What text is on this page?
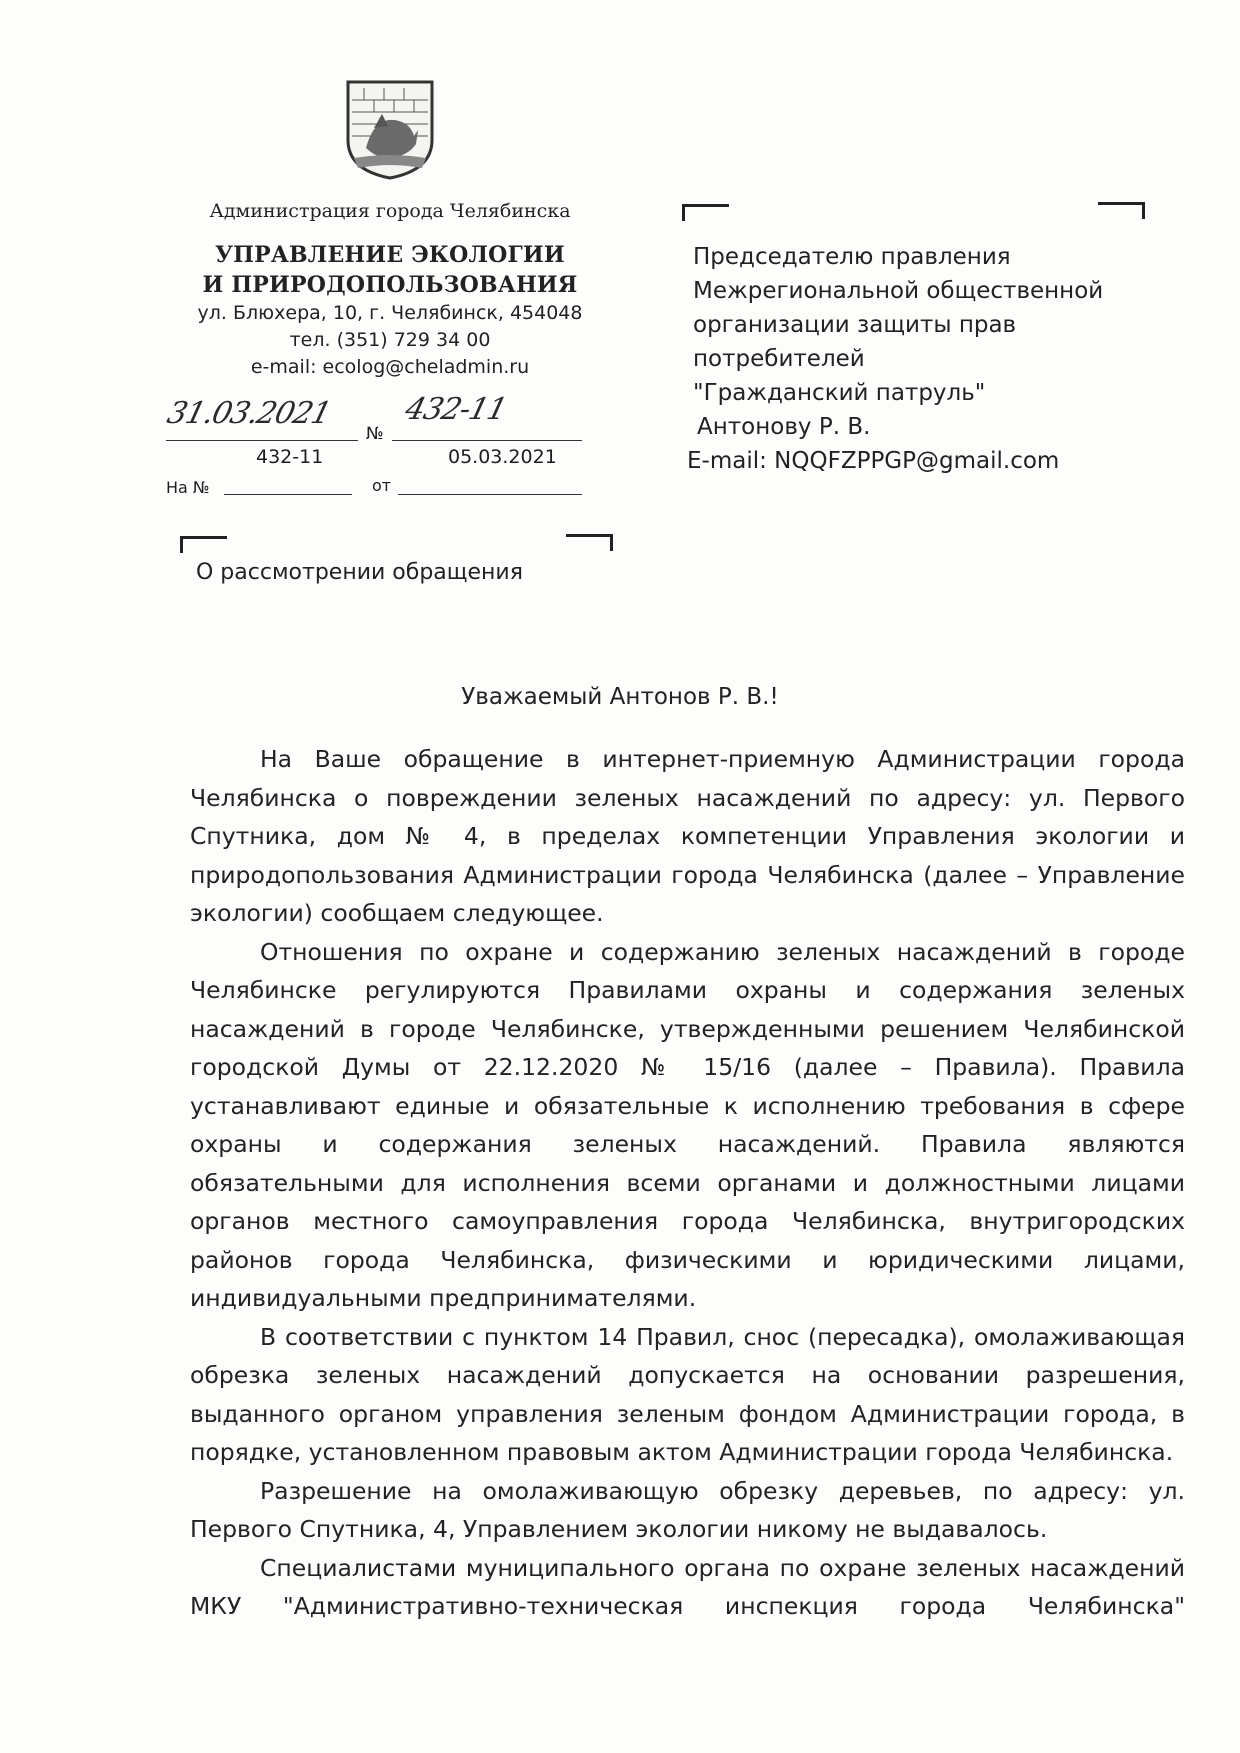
Администрация города Челябинска
УПРАВЛЕНИЕ ЭКОЛОГИИ
И ПРИРОДОПОЛЬЗОВАНИЯ
ул. Блюхера, 10, г. Челябинск, 454048
тел. (351) 729 34 00
e-mail: ecolog@cheladmin.ru
31.03.2021
№
432-11
432-11	05.03.2021
На №	от
Председателю правления
Межрегиональной общественной
организации защиты прав
потребителей
"Гражданский патруль"
Антонову Р. В.
E-mail: NQQFZPPGP@gmail.com
О рассмотрении обращения
Уважаемый Антонов Р. В.!

На Ваше обращение в интернет-приемную Администрации города Челябинска о повреждении зеленых насаждений по адресу: ул. Первого Спутника, дом № 4, в пределах компетенции Управления экологии и природопользования Администрации города Челябинска (далее – Управление экологии) сообщаем следующее.

Отношения по охране и содержанию зеленых насаждений в городе Челябинске регулируются Правилами охраны и содержания зеленых насаждений в городе Челябинске, утвержденными решением Челябинской городской Думы от 22.12.2020 № 15/16 (далее – Правила). Правила устанавливают единые и обязательные к исполнению требования в сфере охраны и содержания зеленых насаждений. Правила являются обязательными для исполнения всеми органами и должностными лицами органов местного самоуправления города Челябинска, внутригородских районов города Челябинска, физическими и юридическими лицами, индивидуальными предпринимателями.

В соответствии с пунктом 14 Правил, снос (пересадка), омолаживающая обрезка зеленых насаждений допускается на основании разрешения, выданного органом управления зеленым фондом Администрации города, в порядке, установленном правовым актом Администрации города Челябинска.

Разрешение на омолаживающую обрезку деревьев, по адресу: ул. Первого Спутника, 4, Управлением экологии никому не выдавалось.

Специалистами муниципального органа по охране зеленых насаждений МКУ "Административно-техническая инспекция города Челябинска"
